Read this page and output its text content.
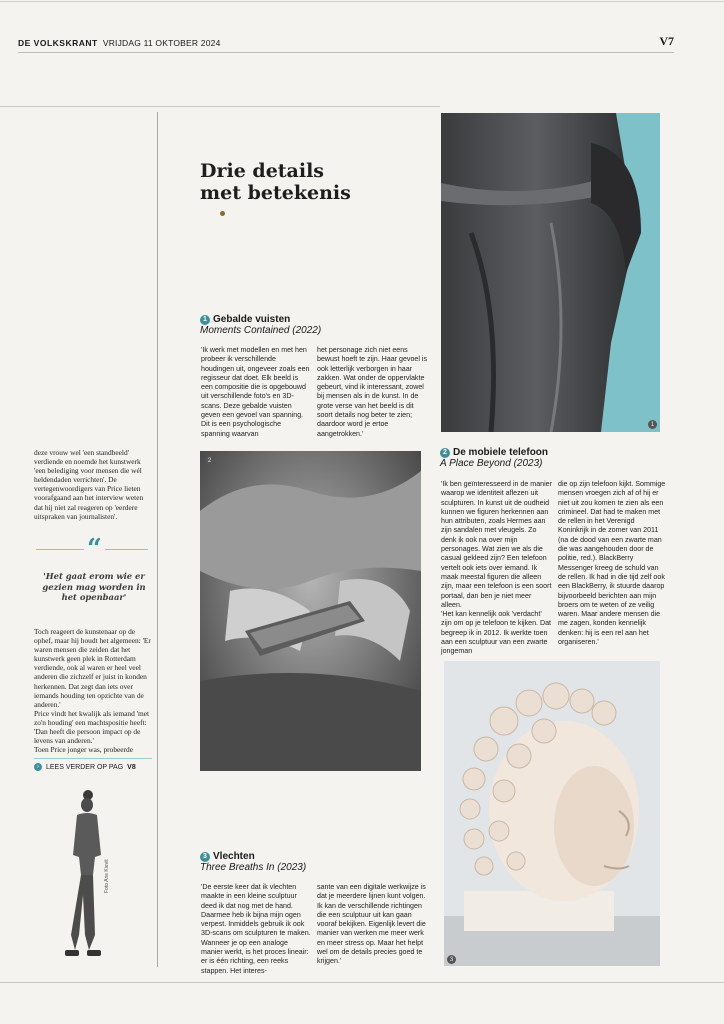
DE VOLKSKRANT VRIJDAG 11 OKTOBER 2024	V7
Drie details
met betekenis
1
1 Gebalde vuisten
Moments Contained (2022)
'Ik werk met modellen en met hen probeer ik verschillende houdingen uit, ongeveer zoals een regisseur dat doet. Elk beeld is een compositie die is opgebouwd uit verschillende foto's en 3D-scans. Deze gebalde vuisten geven een gevoel van spanning. Dit is een psychologische spanning waarvan
het personage zich niet eens bewust hoeft te zijn. Haar gevoel is ook letterlijk verborgen in haar zakken. Wat onder de oppervlakte gebeurt, vind ik interessant, zowel bij mensen als in de kunst. In de grote verse van het beeld is dit soort details nog beter te zien; daardoor word je ertoe aangetrokken.'
2
2 De mobiele telefoon
A Place Beyond (2023)
'Ik ben geïnteresseerd in de manier waarop we identiteit aflezen uit sculpturen. In kunst uit de oudheid kunnen we figuren herkennen aan hun attributen, zoals Hermes aan zijn sandalen met vleugels. Zo denk ik ook na over mijn personages. Wat zien we als die casual gekleed zijn? Een telefoon vertelt ook iets over iemand. Ik maak meestal figuren die alleen zijn, maar een telefoon is een soort portaal, dan ben je niet meer alleen.
'Het kan kennelijk ook 'verdacht' zijn om op je telefoon te kijken. Dat begreep ik in 2012. Ik werkte toen aan een sculptuur van een zwarte jongeman
die op zijn telefoon kijkt. Sommige mensen vroegen zich af of hij er niet uit zou komen te zien als een crimineel. Dat had te maken met de rellen in het Verenigd Koninkrijk in de zomer van 2011 (na de dood van een zwarte man die was aangehouden door de politie, red.). BlackBerry Messenger kreeg de schuld van de rellen. Ik had in die tijd zelf ook een BlackBerry, ik stuurde daarop bijvoorbeeld berichten aan mijn broers om te weten of ze veilig waren. Maar andere mensen die me zagen, konden kennelijk denken: hij is een rel aan het organiseren.'
3
3 Vlechten
Three Breaths In (2023)
'De eerste keer dat ik vlechten maakte in een kleine sculptuur deed ik dat nog met de hand. Daarmee heb ik bijna mijn ogen verpest. Inmiddels gebruik ik ook 3D-scans om sculpturen te maken. Wanneer je op een analoge manier werkt, is het proces lineair: er is één richting, een reeks stappen. Het interes-
sante van een digitale werkwijze is dat je meerdere lijnen kunt volgen. Ik kan de verschillende richtingen die een sculptuur uit kan gaan vooraf bekijken. Eigenlijk levert die manier van werken me meer werk en meer stress op. Maar het helpt wel om de details precies goed te krijgen.'
deze vrouw wel 'een standbeeld' verdiende en noemde het kunstwerk 'een belediging voor mensen die wél heldendaden verrichten'. De vertegenwoordigers van Price lieten voorafgaand aan het interview weten dat hij niet zal reageren op 'eerdere uitspraken van journalisten'.
“
'Het gaat erom wie er gezien mag worden in het openbaar'
Toch reageert de kunstenaar op de ophef, maar hij houdt het algemeen: 'Er waren mensen die zeiden dat het kunstwerk geen plek in Rotterdam verdiende, ook al waren er heel veel anderen die zichzelf er juist in konden herkennen. Dat zegt dan iets over iemands houding ten opzichte van de anderen.'
Price vindt het kwalijk als iemand 'met zo'n houding' een machtspositie heeft: 'Dan heeft die persoon impact op de levens van anderen.'
Toen Price jonger was, probeerde
›	LEES VERDER OP PAG V8
Foto Arie Kievit
